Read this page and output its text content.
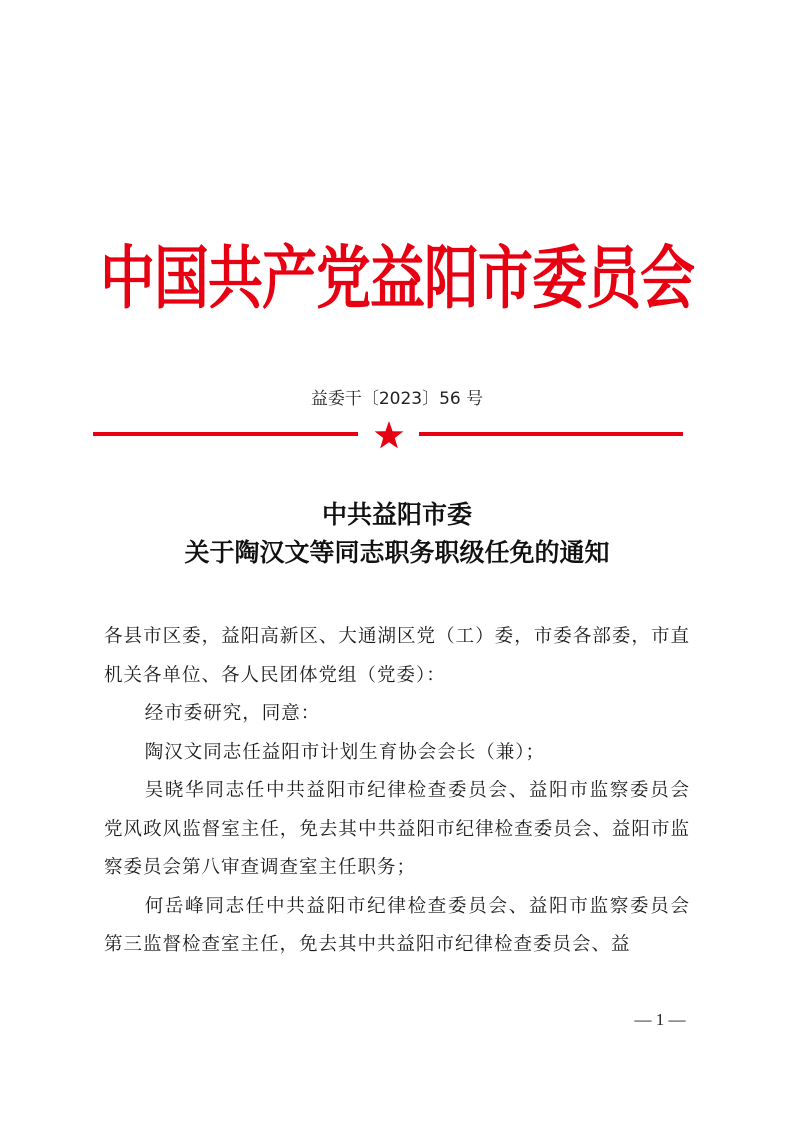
中国共产党益阳市委员会
益委干〔2023〕56 号
中共益阳市委
关于陶汉文等同志职务职级任免的通知

各县市区委，益阳高新区、大通湖区党（工）委，市委各部委，市直机关各单位、各人民团体党组（党委）：

经市委研究，同意：

陶汉文同志任益阳市计划生育协会会长（兼）；

吴晓华同志任中共益阳市纪律检查委员会、益阳市监察委员会党风政风监督室主任，免去其中共益阳市纪律检查委员会、益阳市监察委员会第八审查调查室主任职务；

何岳峰同志任中共益阳市纪律检查委员会、益阳市监察委员会第三监督检查室主任，免去其中共益阳市纪律检查委员会、益

— 1 —
